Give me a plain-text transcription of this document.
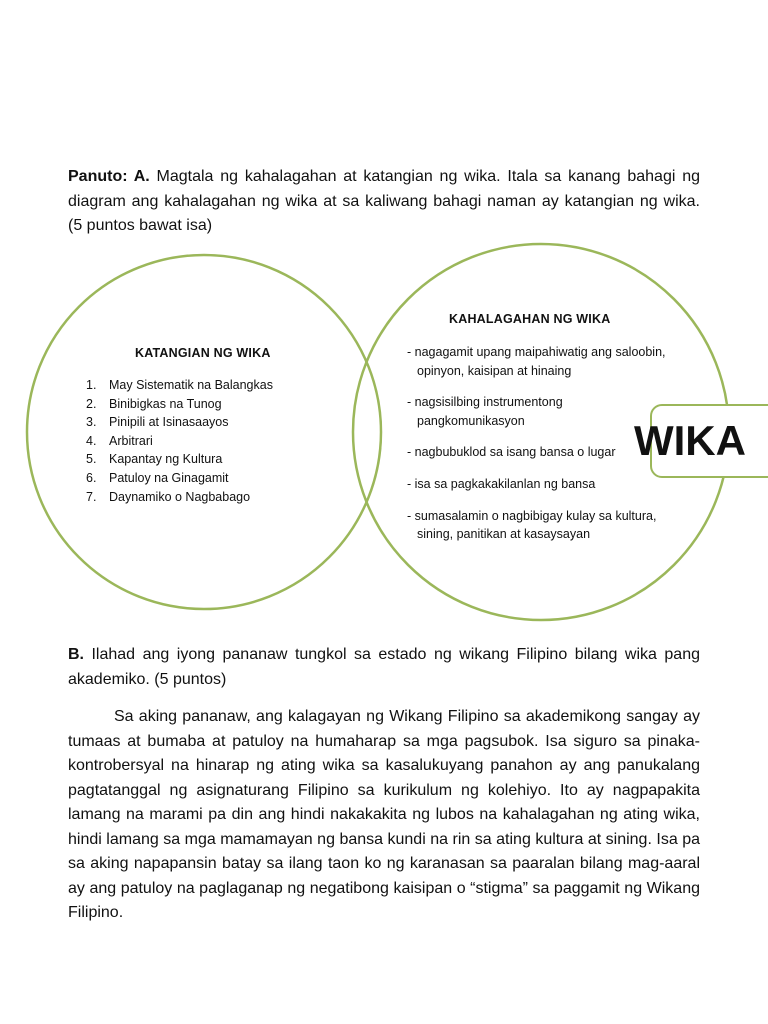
Panuto: A. Magtala ng kahalagahan at katangian ng wika. Itala sa kanang bahagi ng diagram ang kahalagahan ng wika at sa kaliwang bahagi naman ay katangian ng wika. (5 puntos bawat isa)
KATANGIAN NG WIKA
1.	May Sistematik na Balangkas
2.	Binibigkas na Tunog
3.	Pinipili at Isinasaayos
4.	Arbitrari
5.	Kapantay ng Kultura
6.	Patuloy na Ginagamit
7.	Daynamiko o Nagbabago
KAHALAGAHAN NG WIKA
- nagagamit upang maipahiwatig ang saloobin, opinyon, kaisipan at hinaing
- nagsisilbing instrumentong pangkomunikasyon
- nagbubuklod sa isang bansa o lugar
- isa sa pagkakakilanlan ng bansa
- sumasalamin o nagbibigay kulay sa kultura, sining, panitikan at kasaysayan
WIKA
B. Ilahad ang iyong pananaw tungkol sa estado ng wikang Filipino bilang wika pang akademiko. (5 puntos)
Sa aking pananaw, ang kalagayan ng Wikang Filipino sa akademikong sangay ay tumaas at bumaba at patuloy na humaharap sa mga pagsubok. Isa siguro sa pinaka-kontrobersyal na hinarap ng ating wika sa kasalukuyang panahon ay ang panukalang pagtatanggal ng asignaturang Filipino sa kurikulum ng kolehiyo. Ito ay nagpapakita lamang na marami pa din ang hindi nakakakita ng lubos na kahalagahan ng ating wika, hindi lamang sa mga mamamayan ng bansa kundi na rin sa ating kultura at sining. Isa pa sa aking napapansin batay sa ilang taon ko ng karanasan sa paaralan bilang mag-aaral ay ang patuloy na paglaganap ng negatibong kaisipan o “stigma” sa paggamit ng Wikang Filipino.
